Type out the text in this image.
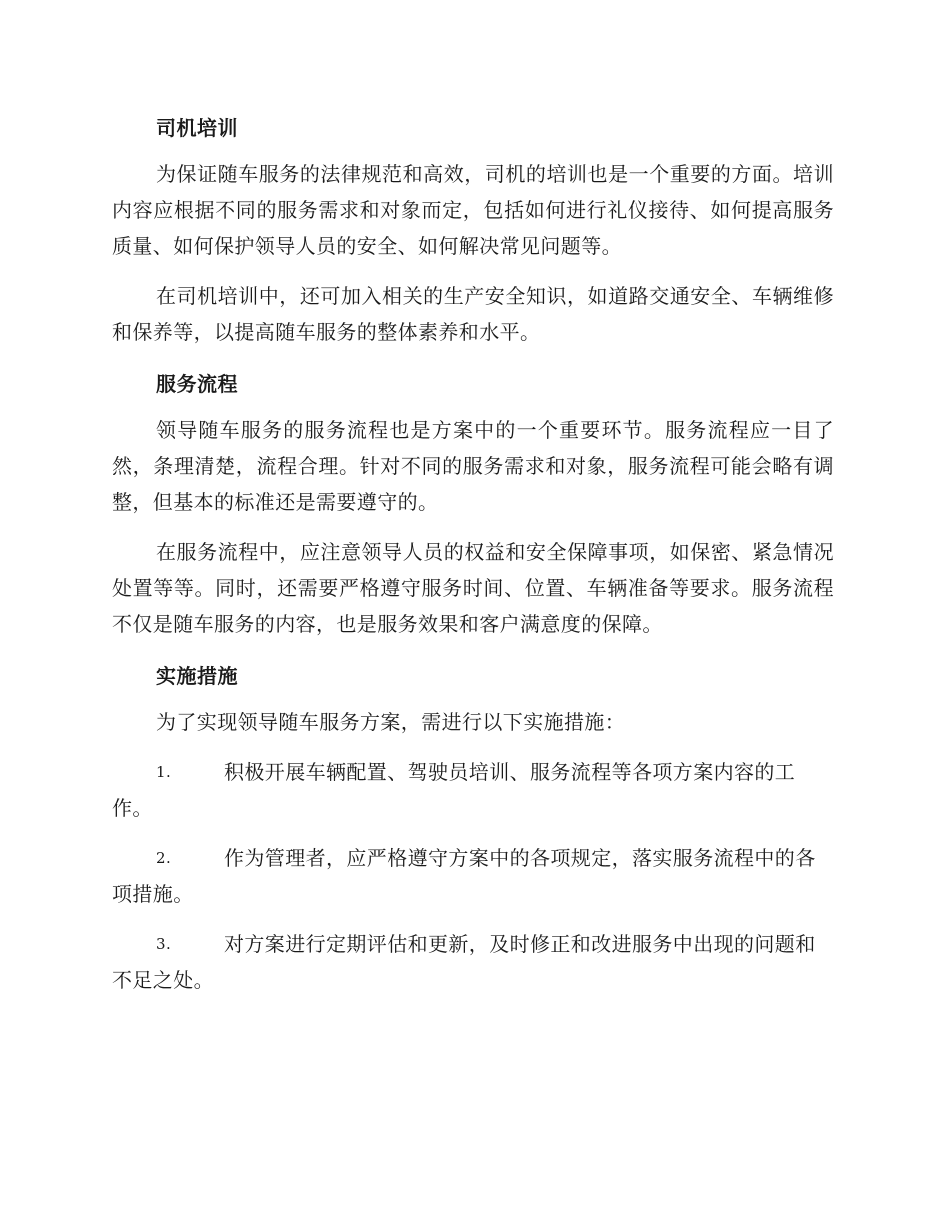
司机培训

为保证随车服务的法律规范和高效，司机的培训也是一个重要的方面。培训内容应根据不同的服务需求和对象而定，包括如何进行礼仪接待、如何提高服务质量、如何保护领导人员的安全、如何解决常见问题等。

在司机培训中，还可加入相关的生产安全知识，如道路交通安全、车辆维修和保养等，以提高随车服务的整体素养和水平。

服务流程

领导随车服务的服务流程也是方案中的一个重要环节。服务流程应一目了然，条理清楚，流程合理。针对不同的服务需求和对象，服务流程可能会略有调整，但基本的标准还是需要遵守的。

在服务流程中，应注意领导人员的权益和安全保障事项，如保密、紧急情况处置等等。同时，还需要严格遵守服务时间、位置、车辆准备等要求。服务流程不仅是随车服务的内容，也是服务效果和客户满意度的保障。

实施措施

为了实现领导随车服务方案，需进行以下实施措施：

1.	积极开展车辆配置、驾驶员培训、服务流程等各项方案内容的工作。
2.	作为管理者，应严格遵守方案中的各项规定，落实服务流程中的各项措施。
3.	对方案进行定期评估和更新，及时修正和改进服务中出现的问题和不足之处。
